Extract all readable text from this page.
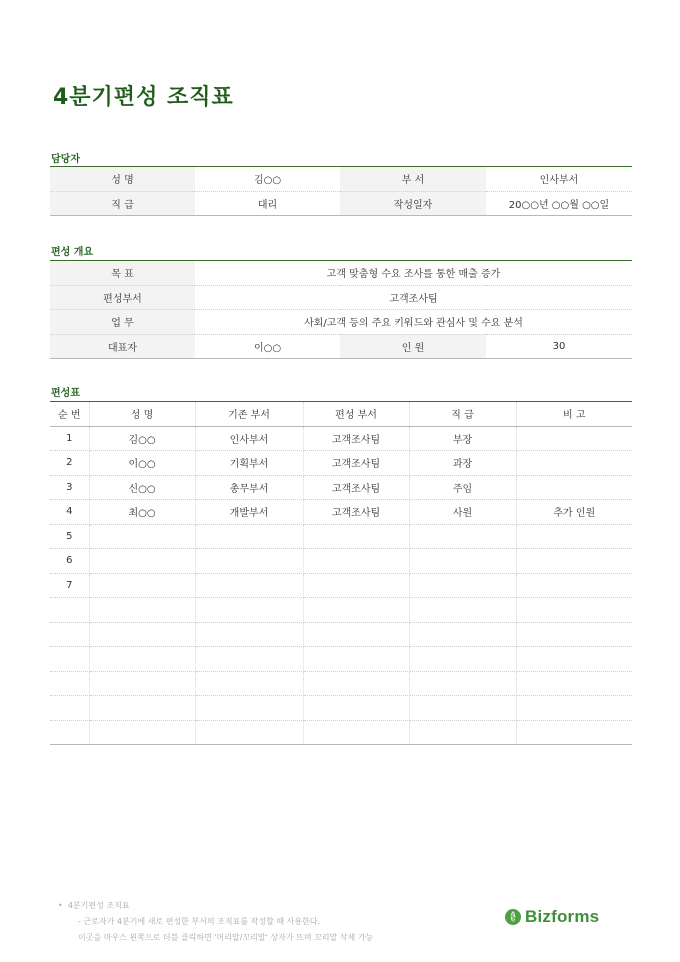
4분기편성 조직표
담당자
성 명	김○○	부 서	인사부서
직 급	대리	작성일자	20○○년 ○○월 ○○일
편성 개요
목 표	고객 맞춤형 수요 조사를 통한 매출 증가		
편성부서	고객조사팀		
업 무	사회/고객 등의 주요 키워드와 관심사 및 수요 분석		
대표자	이○○	인 원	30
편성표
순 번	성 명	기존 부서	편성 부서	직 급	비 고
1	김○○	인사부서	고객조사팀	부장	
2	이○○	기획부서	고객조사팀	과장	
3	신○○	총무부서	고객조사팀	주임	
4	최○○	개발부서	고객조사팀	사원	추가 인원
5					
6					
7					

• 4분기편성 조직표
- 근로자가 4분기에 새로 편성한 부서의 조직표를 작성할 때 사용한다.
이곳을 마우스 왼쪽으로 더블 클릭하면 '머리말/꼬리말' 상자가 뜨며 꼬리말 삭제 가능
Bizforms
